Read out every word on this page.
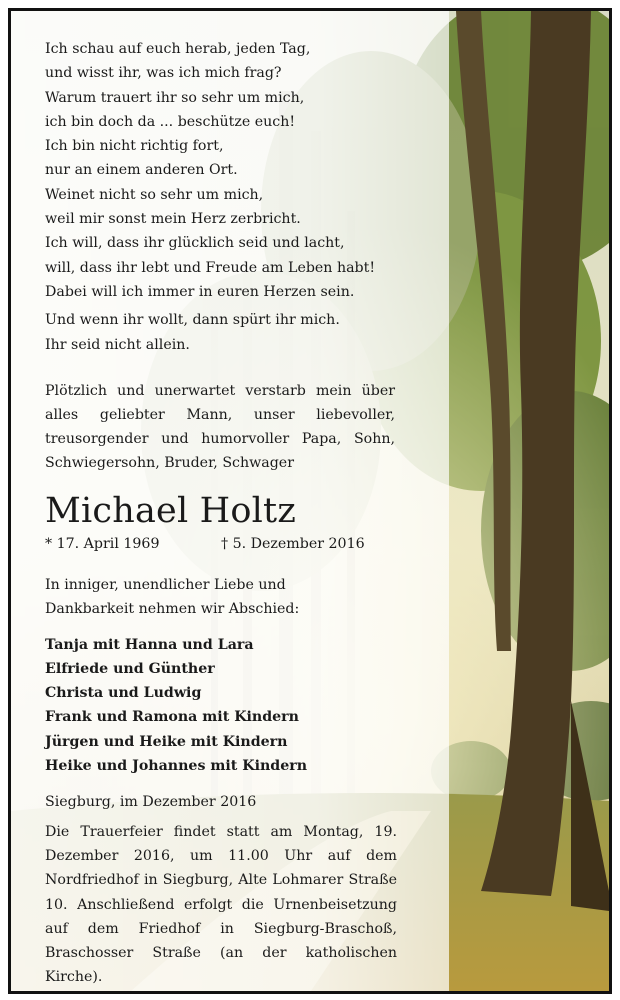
Ich schau auf euch herab, jeden Tag,
und wisst ihr, was ich mich frag?
Warum trauert ihr so sehr um mich,
ich bin doch da ... beschütze euch!
Ich bin nicht richtig fort,
nur an einem anderen Ort.
Weinet nicht so sehr um mich,
weil mir sonst mein Herz zerbricht.
Ich will, dass ihr glücklich seid und lacht,
will, dass ihr lebt und Freude am Leben habt!
Dabei will ich immer in euren Herzen sein.
Und wenn ihr wollt, dann spürt ihr mich.
Ihr seid nicht allein.
Plötzlich und unerwartet verstarb mein über alles geliebter Mann, unser liebevoller, treusorgender und humorvoller Papa, Sohn, Schwiegersohn, Bruder, Schwager
Michael Holtz
* 17. April 1969	† 5. Dezember 2016
In inniger, unendlicher Liebe und
Dankbarkeit nehmen wir Abschied:
Tanja mit Hanna und Lara
Elfriede und Günther
Christa und Ludwig
Frank und Ramona mit Kindern
Jürgen und Heike mit Kindern
Heike und Johannes mit Kindern
Siegburg, im Dezember 2016
Die Trauerfeier findet statt am Montag, 19. Dezember 2016, um 11.00 Uhr auf dem Nordfriedhof in Siegburg, Alte Lohmarer Straße 10. Anschließend erfolgt die Urnenbeisetzung auf dem Friedhof in Siegburg-Braschoß, Braschosser Straße (an der katholischen Kirche).
